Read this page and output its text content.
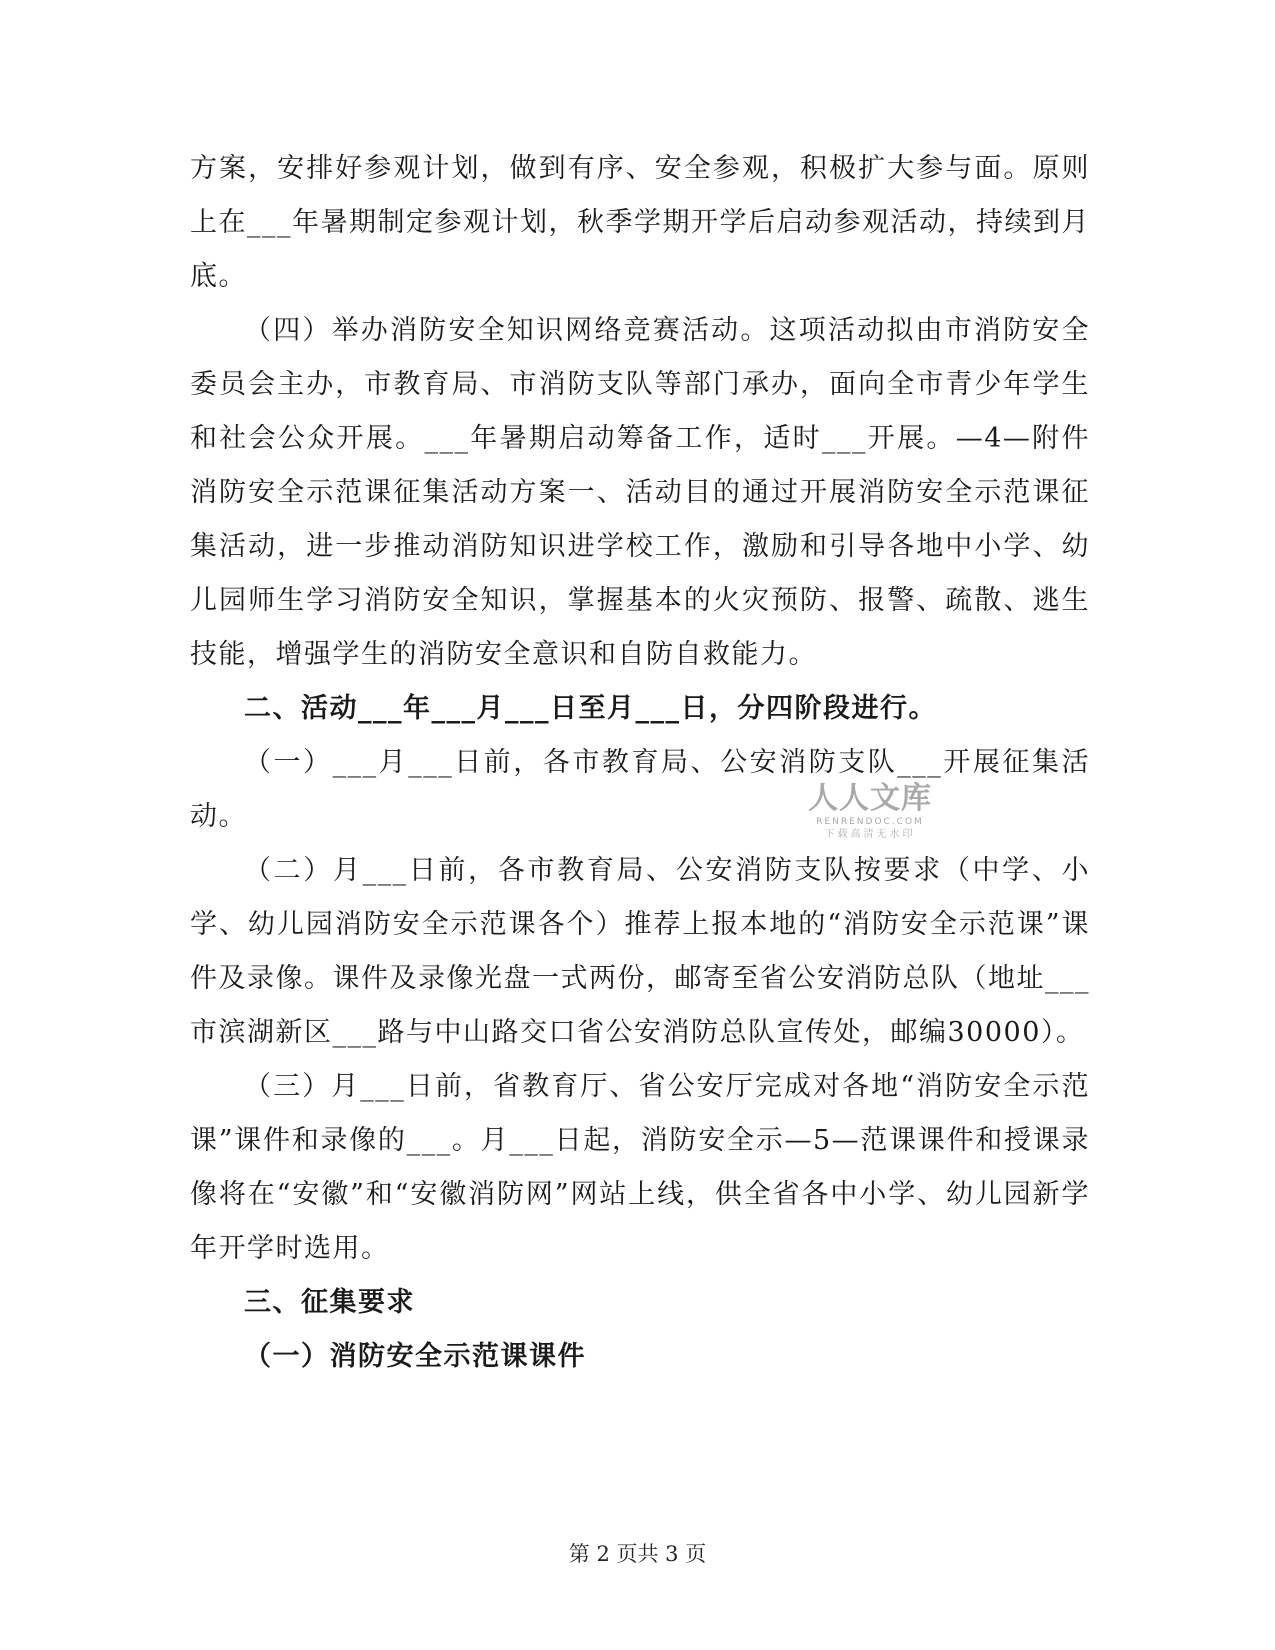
方案，安排好参观计划，做到有序、安全参观，积极扩大参与面。原则上在___年暑期制定参观计划，秋季学期开学后启动参观活动，持续到月底。

（四）举办消防安全知识网络竞赛活动。这项活动拟由市消防安全委员会主办，市教育局、市消防支队等部门承办，面向全市青少年学生和社会公众开展。___年暑期启动筹备工作，适时___开展。—4—附件消防安全示范课征集活动方案一、活动目的通过开展消防安全示范课征集活动，进一步推动消防知识进学校工作，激励和引导各地中小学、幼儿园师生学习消防安全知识，掌握基本的火灾预防、报警、疏散、逃生技能，增强学生的消防安全意识和自防自救能力。

二、活动___年___月___日至月___日，分四阶段进行。

（一）___月___日前，各市教育局、公安消防支队___开展征集活动。

（二）月___日前，各市教育局、公安消防支队按要求（中学、小学、幼儿园消防安全示范课各个）推荐上报本地的“消防安全示范课”课件及录像。课件及录像光盘一式两份，邮寄至省公安消防总队（地址___市滨湖新区___路与中山路交口省公安消防总队宣传处，邮编30000）。

（三）月___日前，省教育厅、省公安厅完成对各地“消防安全示范课”课件和录像的___。月___日起，消防安全示—5—范课课件和授课录像将在“安徽”和“安徽消防网”网站上线，供全省各中小学、幼儿园新学年开学时选用。

三、征集要求

（一）消防安全示范课课件

人人文库
RENRENDOC.COM
下载高清无水印
第 2 页共 3 页
